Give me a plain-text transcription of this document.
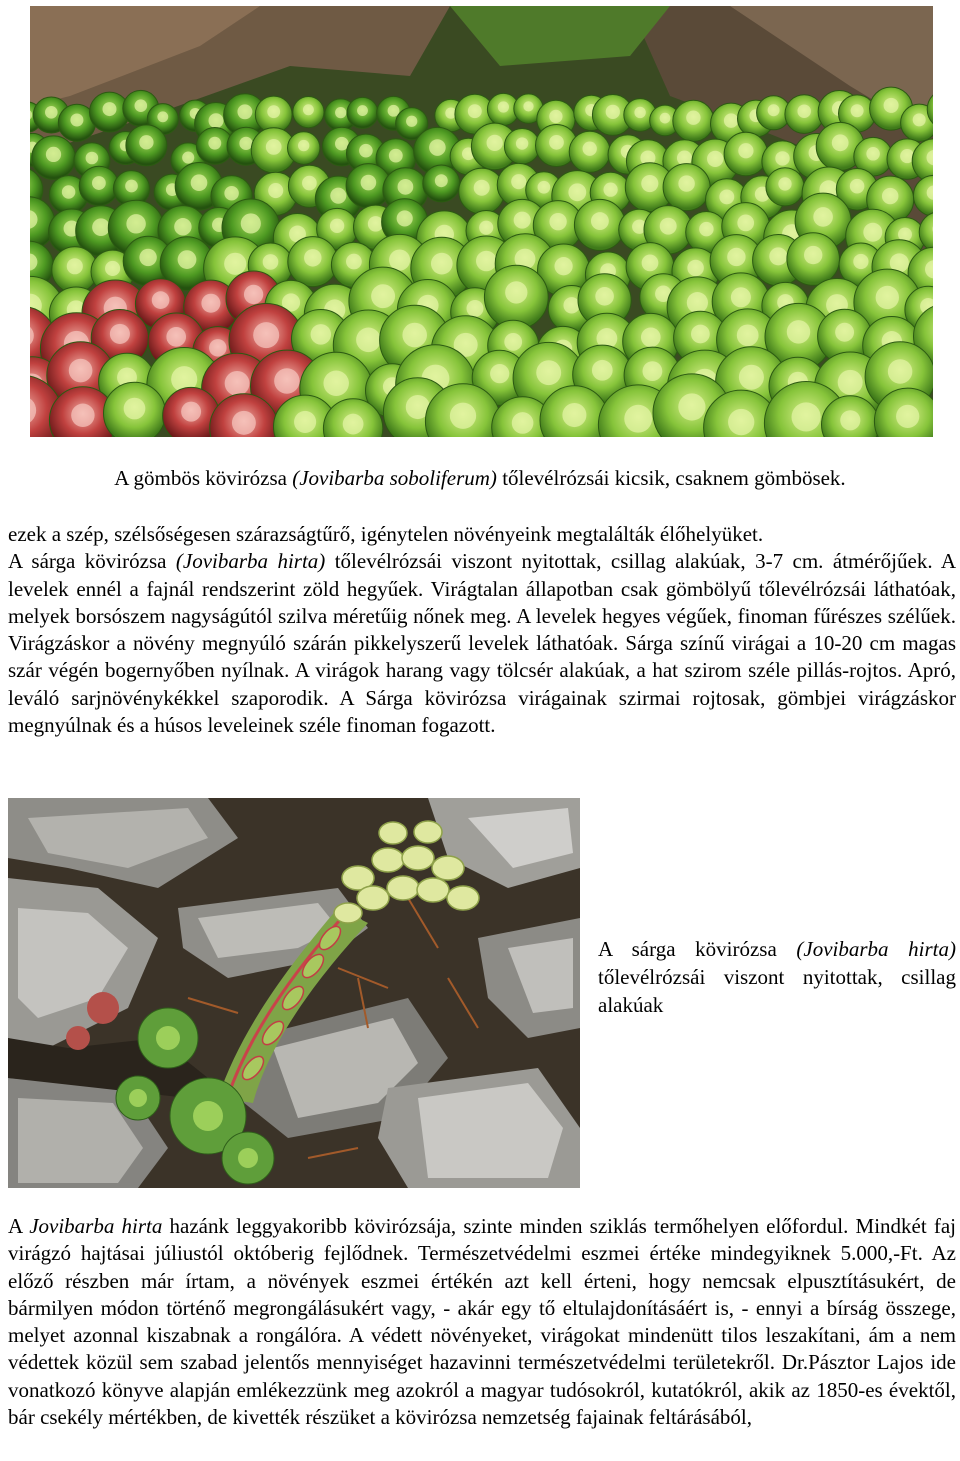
A gömbös kövirózsa (Jovibarba soboliferum) tőlevélrózsái kicsik, csaknem gömbösek.
ezek a szép, szélsőségesen szárazságtűrő, igénytelen növényeink megtalálták élőhelyüket.
A sárga kövirózsa (Jovibarba hirta) tőlevélrózsái viszont nyitottak, csillag alakúak, 3-7 cm. átmérőjűek. A levelek ennél a fajnál rendszerint zöld hegyűek. Virágtalan állapotban csak gömbölyű tőlevélrózsái láthatóak, melyek borsószem nagyságútól szilva méretűig nőnek meg. A levelek hegyes végűek, finoman fűrészes szélűek. Virágzáskor a növény megnyúló szárán pikkelyszerű levelek láthatóak. Sárga színű virágai a 10-20 cm magas szár végén bogernyőben nyílnak. A virágok harang vagy tölcsér alakúak, a hat szirom széle pillás-rojtos. Apró, leváló sarjnövénykékkel szaporodik. A Sárga kövirózsa virágainak szirmai rojtosak, gömbjei virágzáskor megnyúlnak és a húsos leveleinek széle finoman fogazott.
A sárga kövirózsa (Jovibarba hirta) tőlevélrózsái viszont nyitottak, csillag alakúak
A Jovibarba hirta hazánk leggyakoribb kövirózsája, szinte minden sziklás termőhelyen előfordul. Mindkét faj virágzó hajtásai júliustól októberig fejlődnek. Természetvédelmi eszmei értéke mindegyiknek 5.000,-Ft. Az előző részben már írtam, a növények eszmei értékén azt kell érteni, hogy nemcsak elpusztításukért, de bármilyen módon történő megrongálásukért vagy, - akár egy tő eltulajdonításáért is, - ennyi a bírság összege, melyet azonnal kiszabnak a rongálóra. A védett növényeket, virágokat mindenütt tilos leszakítani, ám a nem védettek közül sem szabad jelentős mennyiséget hazavinni természetvédelmi területekről. Dr.Pásztor Lajos ide vonatkozó könyve alapján emlékezzünk meg azokról a magyar tudósokról, kutatókról, akik az 1850-es évektől, bár csekély mértékben, de kivették részüket a kövirózsa nemzetség fajainak feltárásából,
